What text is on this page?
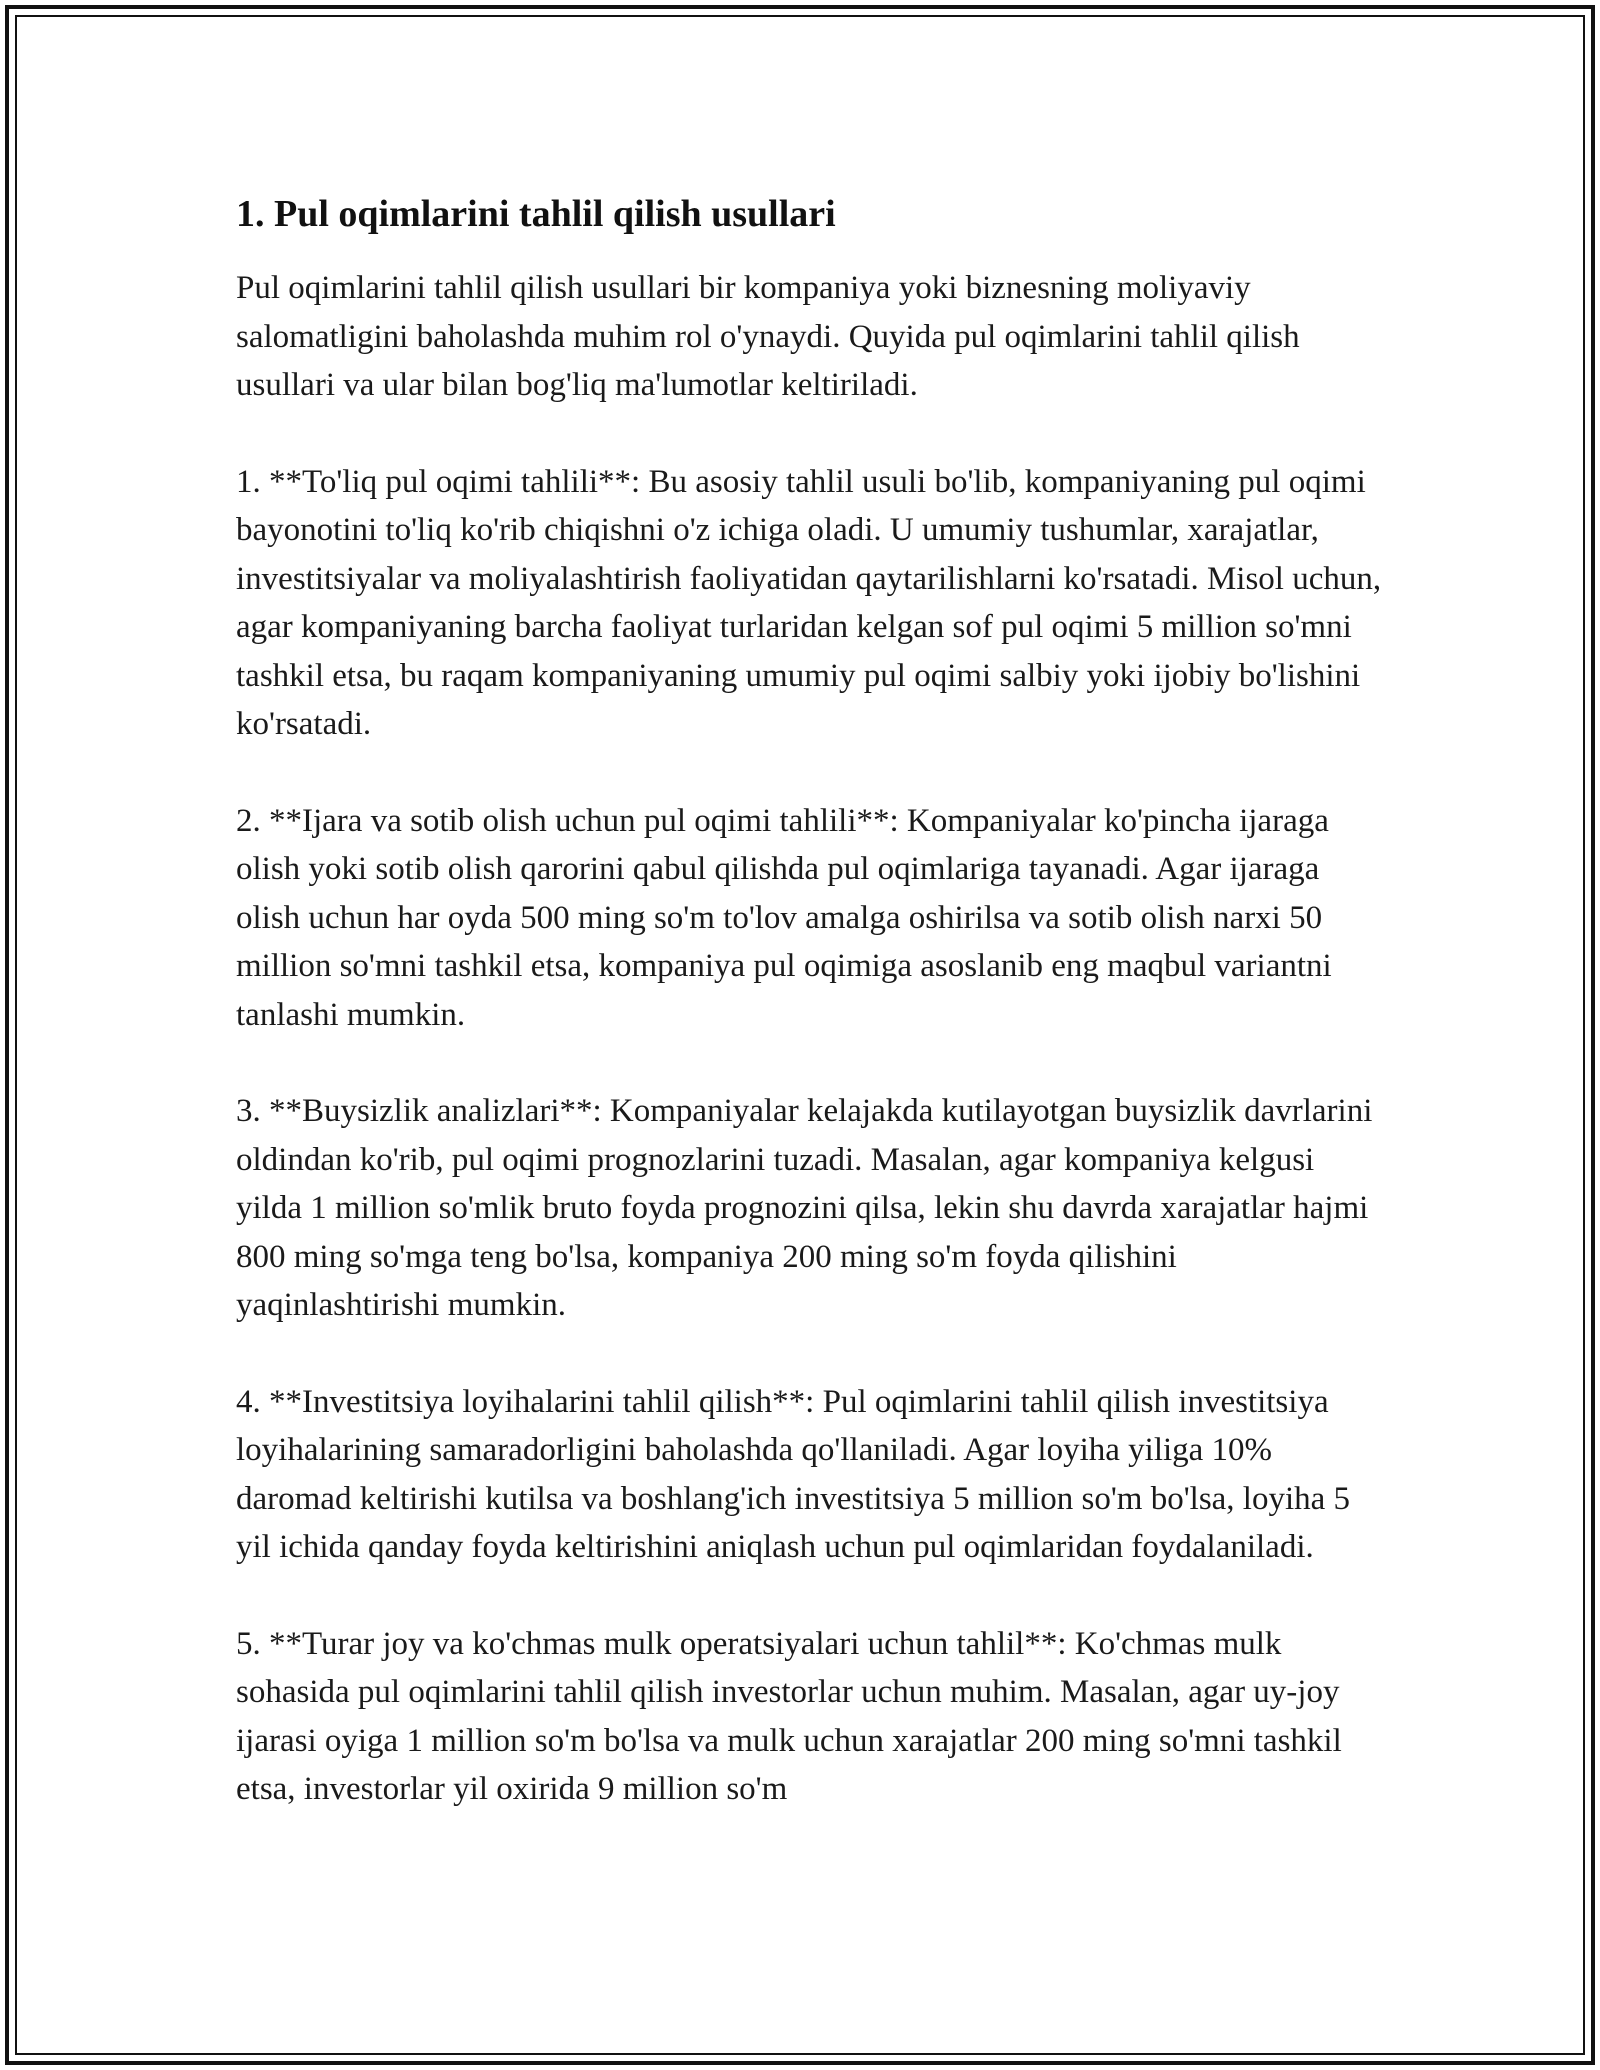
1. Pul oqimlarini tahlil qilish usullari

Pul oqimlarini tahlil qilish usullari bir kompaniya yoki biznesning moliyaviy salomatligini baholashda muhim rol o'ynaydi. Quyida pul oqimlarini tahlil qilish usullari va ular bilan bog'liq ma'lumotlar keltiriladi.

1. **To'liq pul oqimi tahlili**: Bu asosiy tahlil usuli bo'lib, kompaniyaning pul oqimi bayonotini to'liq ko'rib chiqishni o'z ichiga oladi. U umumiy tushumlar, xarajatlar, investitsiyalar va moliyalashtirish faoliyatidan qaytarilishlarni ko'rsatadi. Misol uchun, agar kompaniyaning barcha faoliyat turlaridan kelgan sof pul oqimi 5 million so'mni tashkil etsa, bu raqam kompaniyaning umumiy pul oqimi salbiy yoki ijobiy bo'lishini ko'rsatadi.

2. **Ijara va sotib olish uchun pul oqimi tahlili**: Kompaniyalar ko'pincha ijaraga olish yoki sotib olish qarorini qabul qilishda pul oqimlariga tayanadi. Agar ijaraga olish uchun har oyda 500 ming so'm to'lov amalga oshirilsa va sotib olish narxi 50 million so'mni tashkil etsa, kompaniya pul oqimiga asoslanib eng maqbul variantni tanlashi mumkin.

3. **Buysizlik analizlari**: Kompaniyalar kelajakda kutilayotgan buysizlik davrlarini oldindan ko'rib, pul oqimi prognozlarini tuzadi. Masalan, agar kompaniya kelgusi yilda 1 million so'mlik bruto foyda prognozini qilsa, lekin shu davrda xarajatlar hajmi 800 ming so'mga teng bo'lsa, kompaniya 200 ming so'm foyda qilishini yaqinlashtirishi mumkin.

4. **Investitsiya loyihalarini tahlil qilish**: Pul oqimlarini tahlil qilish investitsiya loyihalarining samaradorligini baholashda qo'llaniladi. Agar loyiha yiliga 10% daromad keltirishi kutilsa va boshlang'ich investitsiya 5 million so'm bo'lsa, loyiha 5 yil ichida qanday foyda keltirishini aniqlash uchun pul oqimlaridan foydalaniladi.

5. **Turar joy va ko'chmas mulk operatsiyalari uchun tahlil**: Ko'chmas mulk sohasida pul oqimlarini tahlil qilish investorlar uchun muhim. Masalan, agar uy-joy ijarasi oyiga 1 million so'm bo'lsa va mulk uchun xarajatlar 200 ming so'mni tashkil etsa, investorlar yil oxirida 9 million so'm
